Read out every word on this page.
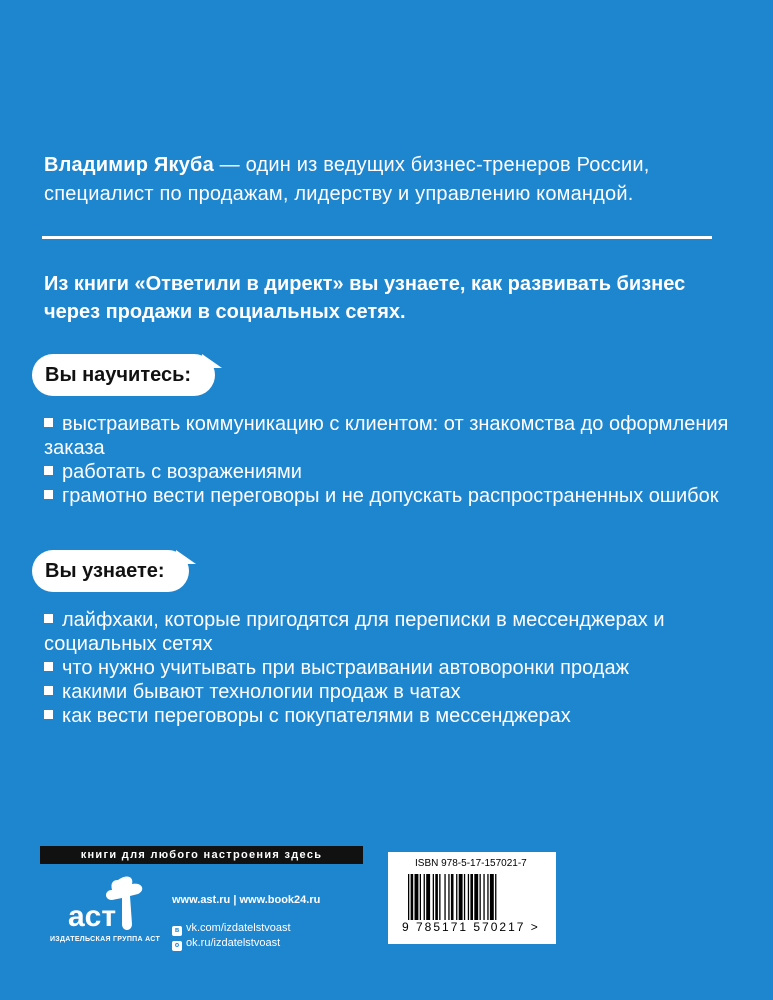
Владимир Якуба — один из ведущих бизнес-тренеров России, специалист по продажам, лидерству и управлению командой.
Из книги «Ответили в директ» вы узнаете, как развивать бизнес через продажи в социальных сетях.
Вы научитесь:
выстраивать коммуникацию с клиентом: от знакомства до оформления заказа
работать с возражениями
грамотно вести переговоры и не допускать распространенных ошибок
Вы узнаете:
лайфхаки, которые пригодятся для переписки в мессенджерах и социальных сетях
что нужно учитывать при выстраивании автоворонки продаж
какими бывают технологии продаж в чатах
как вести переговоры с покупателями в мессенджерах
книги для любого настроения здесь
аст
ИЗДАТЕЛЬСКАЯ ГРУППА АСТ
www.ast.ru | www.book24.ru
в vk.com/izdatelstvoast
о ok.ru/izdatelstvoast
ISBN 978-5-17-157021-7
9 785171 570217 >
